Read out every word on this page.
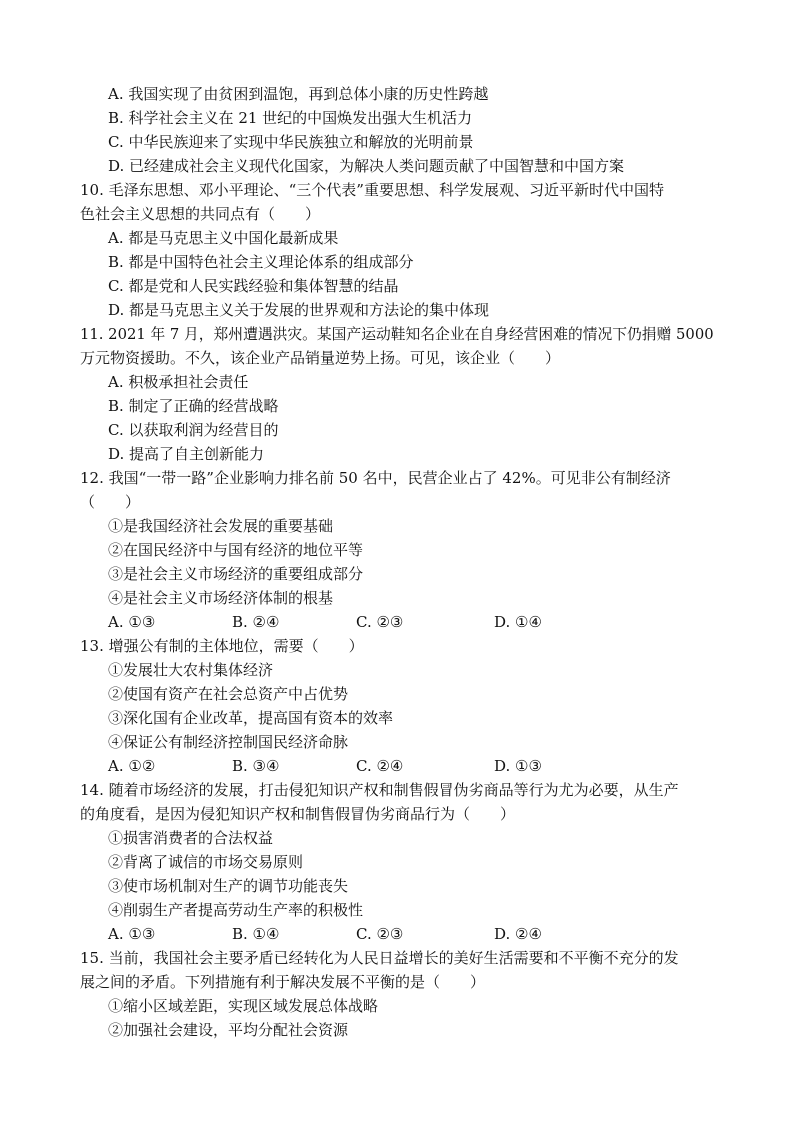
A. 我国实现了由贫困到温饱，再到总体小康的历史性跨越
B. 科学社会主义在 21 世纪的中国焕发出强大生机活力
C. 中华民族迎来了实现中华民族独立和解放的光明前景
D. 已经建成社会主义现代化国家，为解决人类问题贡献了中国智慧和中国方案
10. 毛泽东思想、邓小平理论、“三个代表”重要思想、科学发展观、习近平新时代中国特
色社会主义思想的共同点有（　　）
A. 都是马克思主义中国化最新成果
B. 都是中国特色社会主义理论体系的组成部分
C. 都是党和人民实践经验和集体智慧的结晶
D. 都是马克思主义关于发展的世界观和方法论的集中体现
11. 2021 年 7 月，郑州遭遇洪灾。某国产运动鞋知名企业在自身经营困难的情况下仍捐赠 5000
万元物资援助。不久，该企业产品销量逆势上扬。可见，该企业（　　）
A. 积极承担社会责任
B. 制定了正确的经营战略
C. 以获取利润为经营目的
D. 提高了自主创新能力
12. 我国“一带一路”企业影响力排名前 50 名中，民营企业占了 42%。可见非公有制经济
（　　）
①是我国经济社会发展的重要基础
②在国民经济中与国有经济的地位平等
③是社会主义市场经济的重要组成部分
④是社会主义市场经济体制的根基
A. ①③	B. ②④	C. ②③	D. ①④
13. 增强公有制的主体地位，需要（　　）
①发展壮大农村集体经济
②使国有资产在社会总资产中占优势
③深化国有企业改革，提高国有资本的效率
④保证公有制经济控制国民经济命脉
A. ①②	B. ③④	C. ②④	D. ①③
14. 随着市场经济的发展，打击侵犯知识产权和制售假冒伪劣商品等行为尤为必要，从生产
的角度看，是因为侵犯知识产权和制售假冒伪劣商品行为（　　）
①损害消费者的合法权益
②背离了诚信的市场交易原则
③使市场机制对生产的调节功能丧失
④削弱生产者提高劳动生产率的积极性
A. ①③	B. ①④	C. ②③	D. ②④
15. 当前，我国社会主要矛盾已经转化为人民日益增长的美好生活需要和不平衡不充分的发
展之间的矛盾。下列措施有利于解决发展不平衡的是（　　）
①缩小区域差距，实现区域发展总体战略
②加强社会建设，平均分配社会资源
